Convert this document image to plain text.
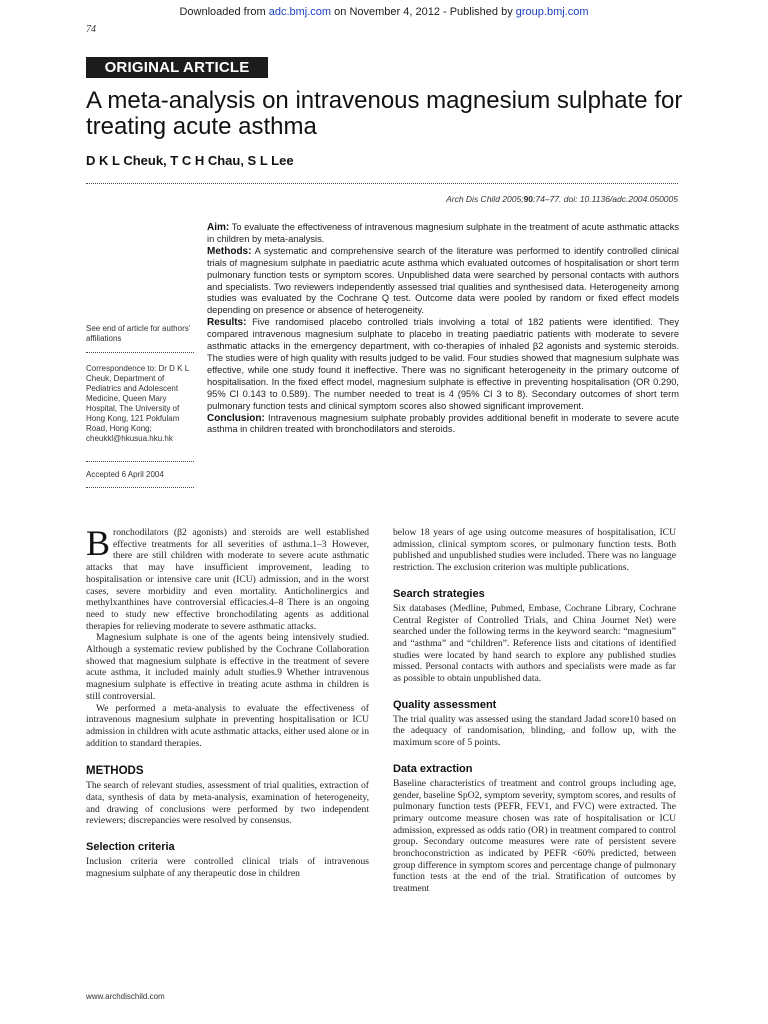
Downloaded from adc.bmj.com on November 4, 2012 - Published by group.bmj.com
74
ORIGINAL ARTICLE
A meta-analysis on intravenous magnesium sulphate for treating acute asthma
D K L Cheuk, T C H Chau, S L Lee
Arch Dis Child 2005;90:74–77. doi: 10.1136/adc.2004.050005

Aim: To evaluate the effectiveness of intravenous magnesium sulphate in the treatment of acute asthmatic attacks in children by meta-analysis.

Methods: A systematic and comprehensive search of the literature was performed to identify controlled clinical trials of magnesium sulphate in paediatric acute asthma which evaluated outcomes of hospitalisation or short term pulmonary function tests or symptom scores. Unpublished data were searched by personal contacts with authors and specialists. Two reviewers independently assessed trial qualities and synthesised data. Heterogeneity among studies was evaluated by the Cochrane Q test. Outcome data were pooled by random or fixed effect models depending on presence or absence of heterogeneity.

Results: Five randomised placebo controlled trials involving a total of 182 patients were identified. They compared intravenous magnesium sulphate to placebo in treating paediatric patients with moderate to severe asthmatic attacks in the emergency department, with co-therapies of inhaled β2 agonists and systemic steroids. The studies were of high quality with results judged to be valid. Four studies showed that magnesium sulphate was effective, while one study found it ineffective. There was no significant heterogeneity in the primary outcome of hospitalisation. In the fixed effect model, magnesium sulphate is effective in preventing hospitalisation (OR 0.290, 95% CI 0.143 to 0.589). The number needed to treat is 4 (95% CI 3 to 8). Secondary outcomes of short term pulmonary function tests and clinical symptom scores also showed significant improvement.

Conclusion: Intravenous magnesium sulphate probably provides additional benefit in moderate to severe acute asthma in children treated with bronchodilators and steroids.

See end of article for authors' affiliations
Correspondence to: Dr D K L Cheuk, Department of Pediatrics and Adolescent Medicine, Queen Mary Hospital, The University of Hong Kong, 121 Pokfulam Road, Hong Kong; cheukkl@hkusua.hku.hk
Accepted 6 April 2004

Bronchodilators (β2 agonists) and steroids are well established effective treatments for all severities of asthma.1–3 However, there are still children with moderate to severe acute asthmatic attacks that may have insufficient improvement, leading to hospitalisation or intensive care unit (ICU) admission, and in the worst cases, severe morbidity and even mortality. Anticholinergics and methylxanthines have controversial efficacies.4–8 There is an ongoing need to study new effective bronchodilating agents as additional therapies for relieving moderate to severe asthmatic attacks.

Magnesium sulphate is one of the agents being intensively studied. Although a systematic review published by the Cochrane Collaboration showed that magnesium sulphate is effective in the treatment of severe acute asthma, it included mainly adult studies.9 Whether intravenous magnesium sulphate is effective in treating acute asthma in children is still controversial.

We performed a meta-analysis to evaluate the effectiveness of intravenous magnesium sulphate in preventing hospitalisation or ICU admission in children with acute asthmatic attacks, either used alone or in addition to standard therapies.

METHODS

The search of relevant studies, assessment of trial qualities, extraction of data, synthesis of data by meta-analysis, examination of heterogeneity, and drawing of conclusions were performed by two independent reviewers; discrepancies were resolved by consensus.

Selection criteria

Inclusion criteria were controlled clinical trials of intravenous magnesium sulphate of any therapeutic dose in children

below 18 years of age using outcome measures of hospitalisation, ICU admission, clinical symptom scores, or pulmonary function tests. Both published and unpublished studies were included. There was no language restriction. The exclusion criterion was multiple publications.

Search strategies

Six databases (Medline, Pubmed, Embase, Cochrane Library, Cochrane Central Register of Controlled Trials, and China Journet Net) were searched under the following terms in the keyword search: “magnesium” and “asthma” and “children”. Reference lists and citations of identified studies were located by hand search to explore any published studies missed. Personal contacts with authors and specialists were made as far as possible to obtain unpublished data.

Quality assessment

The trial quality was assessed using the standard Jadad score10 based on the adequacy of randomisation, blinding, and follow up, with the maximum score of 5 points.

Data extraction

Baseline characteristics of treatment and control groups including age, gender, baseline SpO2, symptom severity, symptom scores, and results of pulmonary function tests (PEFR, FEV1, and FVC) were extracted. The primary outcome measure chosen was rate of hospitalisation or ICU admission, expressed as odds ratio (OR) in treatment compared to control group. Secondary outcome measures were rate of persistent severe bronchoconstriction as indicated by PEFR <60% predicted, between group difference in symptom scores and percentage change of pulmonary function tests at the end of the trial. Stratification of outcomes by treatment

www.archdischild.com
